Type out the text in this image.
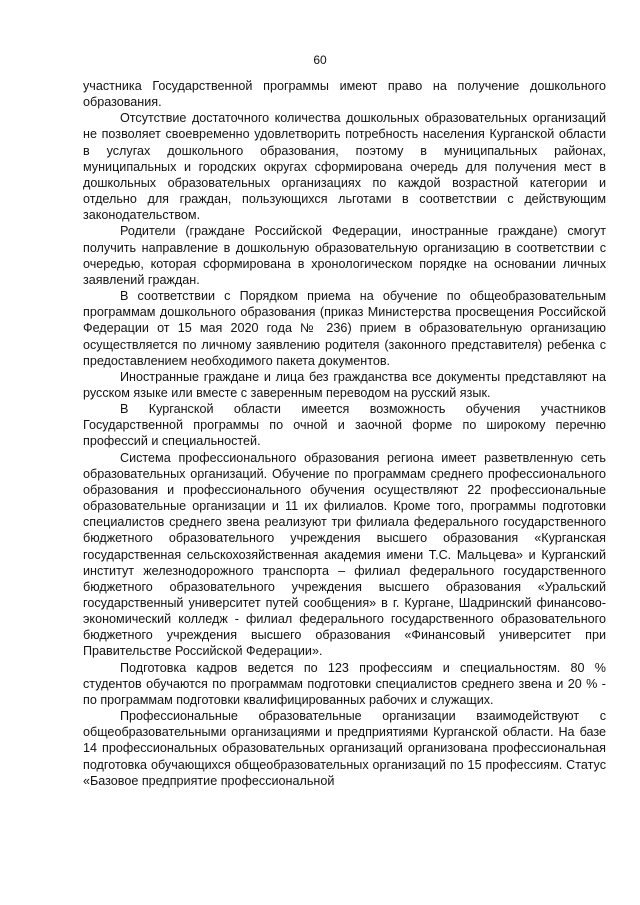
60

участника Государственной программы имеют право на получение дошкольного образования.

Отсутствие достаточного количества дошкольных образовательных организаций не позволяет своевременно удовлетворить потребность населения Курганской области в услугах дошкольного образования, поэтому в муниципальных районах, муниципальных и городских округах сформирована очередь для получения мест в дошкольных образовательных организациях по каждой возрастной категории и отдельно для граждан, пользующихся льготами в соответствии с действующим законодательством.

Родители (граждане Российской Федерации, иностранные граждане) смогут получить направление в дошкольную образовательную организацию в соответствии с очередью, которая сформирована в хронологическом порядке на основании личных заявлений граждан.

В соответствии с Порядком приема на обучение по общеобразовательным программам дошкольного образования (приказ Министерства просвещения Российской Федерации от 15 мая 2020 года № 236) прием в образовательную организацию осуществляется по личному заявлению родителя (законного представителя) ребенка с предоставлением необходимого пакета документов.

Иностранные граждане и лица без гражданства все документы представляют на русском языке или вместе с заверенным переводом на русский язык.

В Курганской области имеется возможность обучения участников Государственной программы по очной и заочной форме по широкому перечню профессий и специальностей.

Система профессионального образования региона имеет разветвленную сеть образовательных организаций. Обучение по программам среднего профессионального образования и профессионального обучения осуществляют 22 профессиональные образовательные организации и 11 их филиалов. Кроме того, программы подготовки специалистов среднего звена реализуют три филиала федерального государственного бюджетного образовательного учреждения высшего образования «Курганская государственная сельскохозяйственная академия имени Т.С. Мальцева» и Курганский институт железнодорожного транспорта – филиал федерального государственного бюджетного образовательного учреждения высшего образования «Уральский государственный университет путей сообщения» в г. Кургане, Шадринский финансово-экономический колледж - филиал федерального государственного образовательного бюджетного учреждения высшего образования «Финансовый университет при Правительстве Российской Федерации».

Подготовка кадров ведется по 123 профессиям и специальностям. 80 % студентов обучаются по программам подготовки специалистов среднего звена и 20 % - по программам подготовки квалифицированных рабочих и служащих.

Профессиональные образовательные организации взаимодействуют с общеобразовательными организациями и предприятиями Курганской области. На базе 14 профессиональных образовательных организаций организована профессиональная подготовка обучающихся общеобразовательных организаций по 15 профессиям. Статус «Базовое предприятие профессиональной
